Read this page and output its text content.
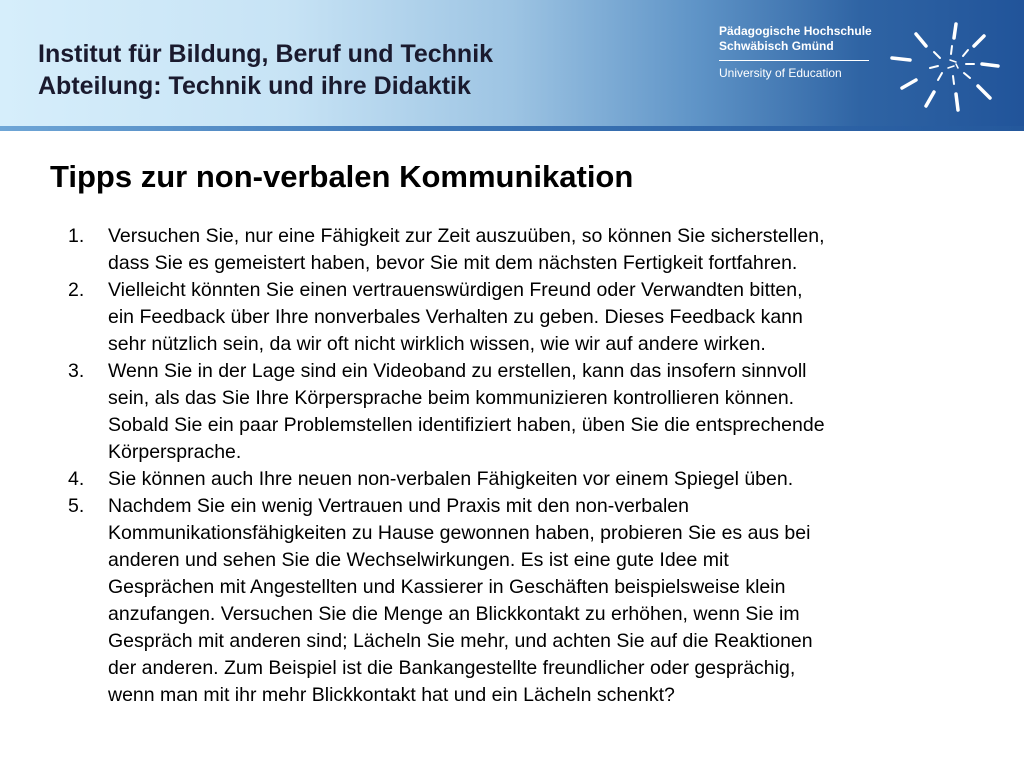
Institut für Bildung, Beruf und Technik
Abteilung: Technik und ihre Didaktik
Pädagogische Hochschule
Schwäbisch Gmünd
University of Education
Tipps zur non-verbalen Kommunikation
1. Versuchen Sie, nur eine Fähigkeit zur Zeit auszuüben, so können Sie sicherstellen,
dass Sie es gemeistert haben, bevor Sie mit dem nächsten Fertigkeit fortfahren.
2. Vielleicht könnten Sie einen vertrauenswürdigen Freund oder Verwandten bitten,
ein Feedback über Ihre nonverbales Verhalten zu geben. Dieses Feedback kann
sehr nützlich sein, da wir oft nicht wirklich wissen, wie wir auf andere wirken.
3. Wenn Sie in der Lage sind ein Videoband zu erstellen, kann das insofern sinnvoll
sein, als das Sie Ihre Körpersprache beim kommunizieren kontrollieren können.
Sobald Sie ein paar Problemstellen identifiziert haben, üben Sie die entsprechende
Körpersprache.
4. Sie können auch Ihre neuen non-verbalen Fähigkeiten vor einem Spiegel üben.
5. Nachdem Sie ein wenig Vertrauen und Praxis mit den non-verbalen
Kommunikationsfähigkeiten zu Hause gewonnen haben, probieren Sie es aus bei
anderen und sehen Sie die Wechselwirkungen. Es ist eine gute Idee mit
Gesprächen mit Angestellten und Kassierer in Geschäften beispielsweise klein
anzufangen. Versuchen Sie die Menge an Blickkontakt zu erhöhen, wenn Sie im
Gespräch mit anderen sind; Lächeln Sie mehr, und achten Sie auf die Reaktionen
der anderen. Zum Beispiel ist die Bankangestellte freundlicher oder gesprächig,
wenn man mit ihr mehr Blickkontakt hat und ein Lächeln schenkt?
